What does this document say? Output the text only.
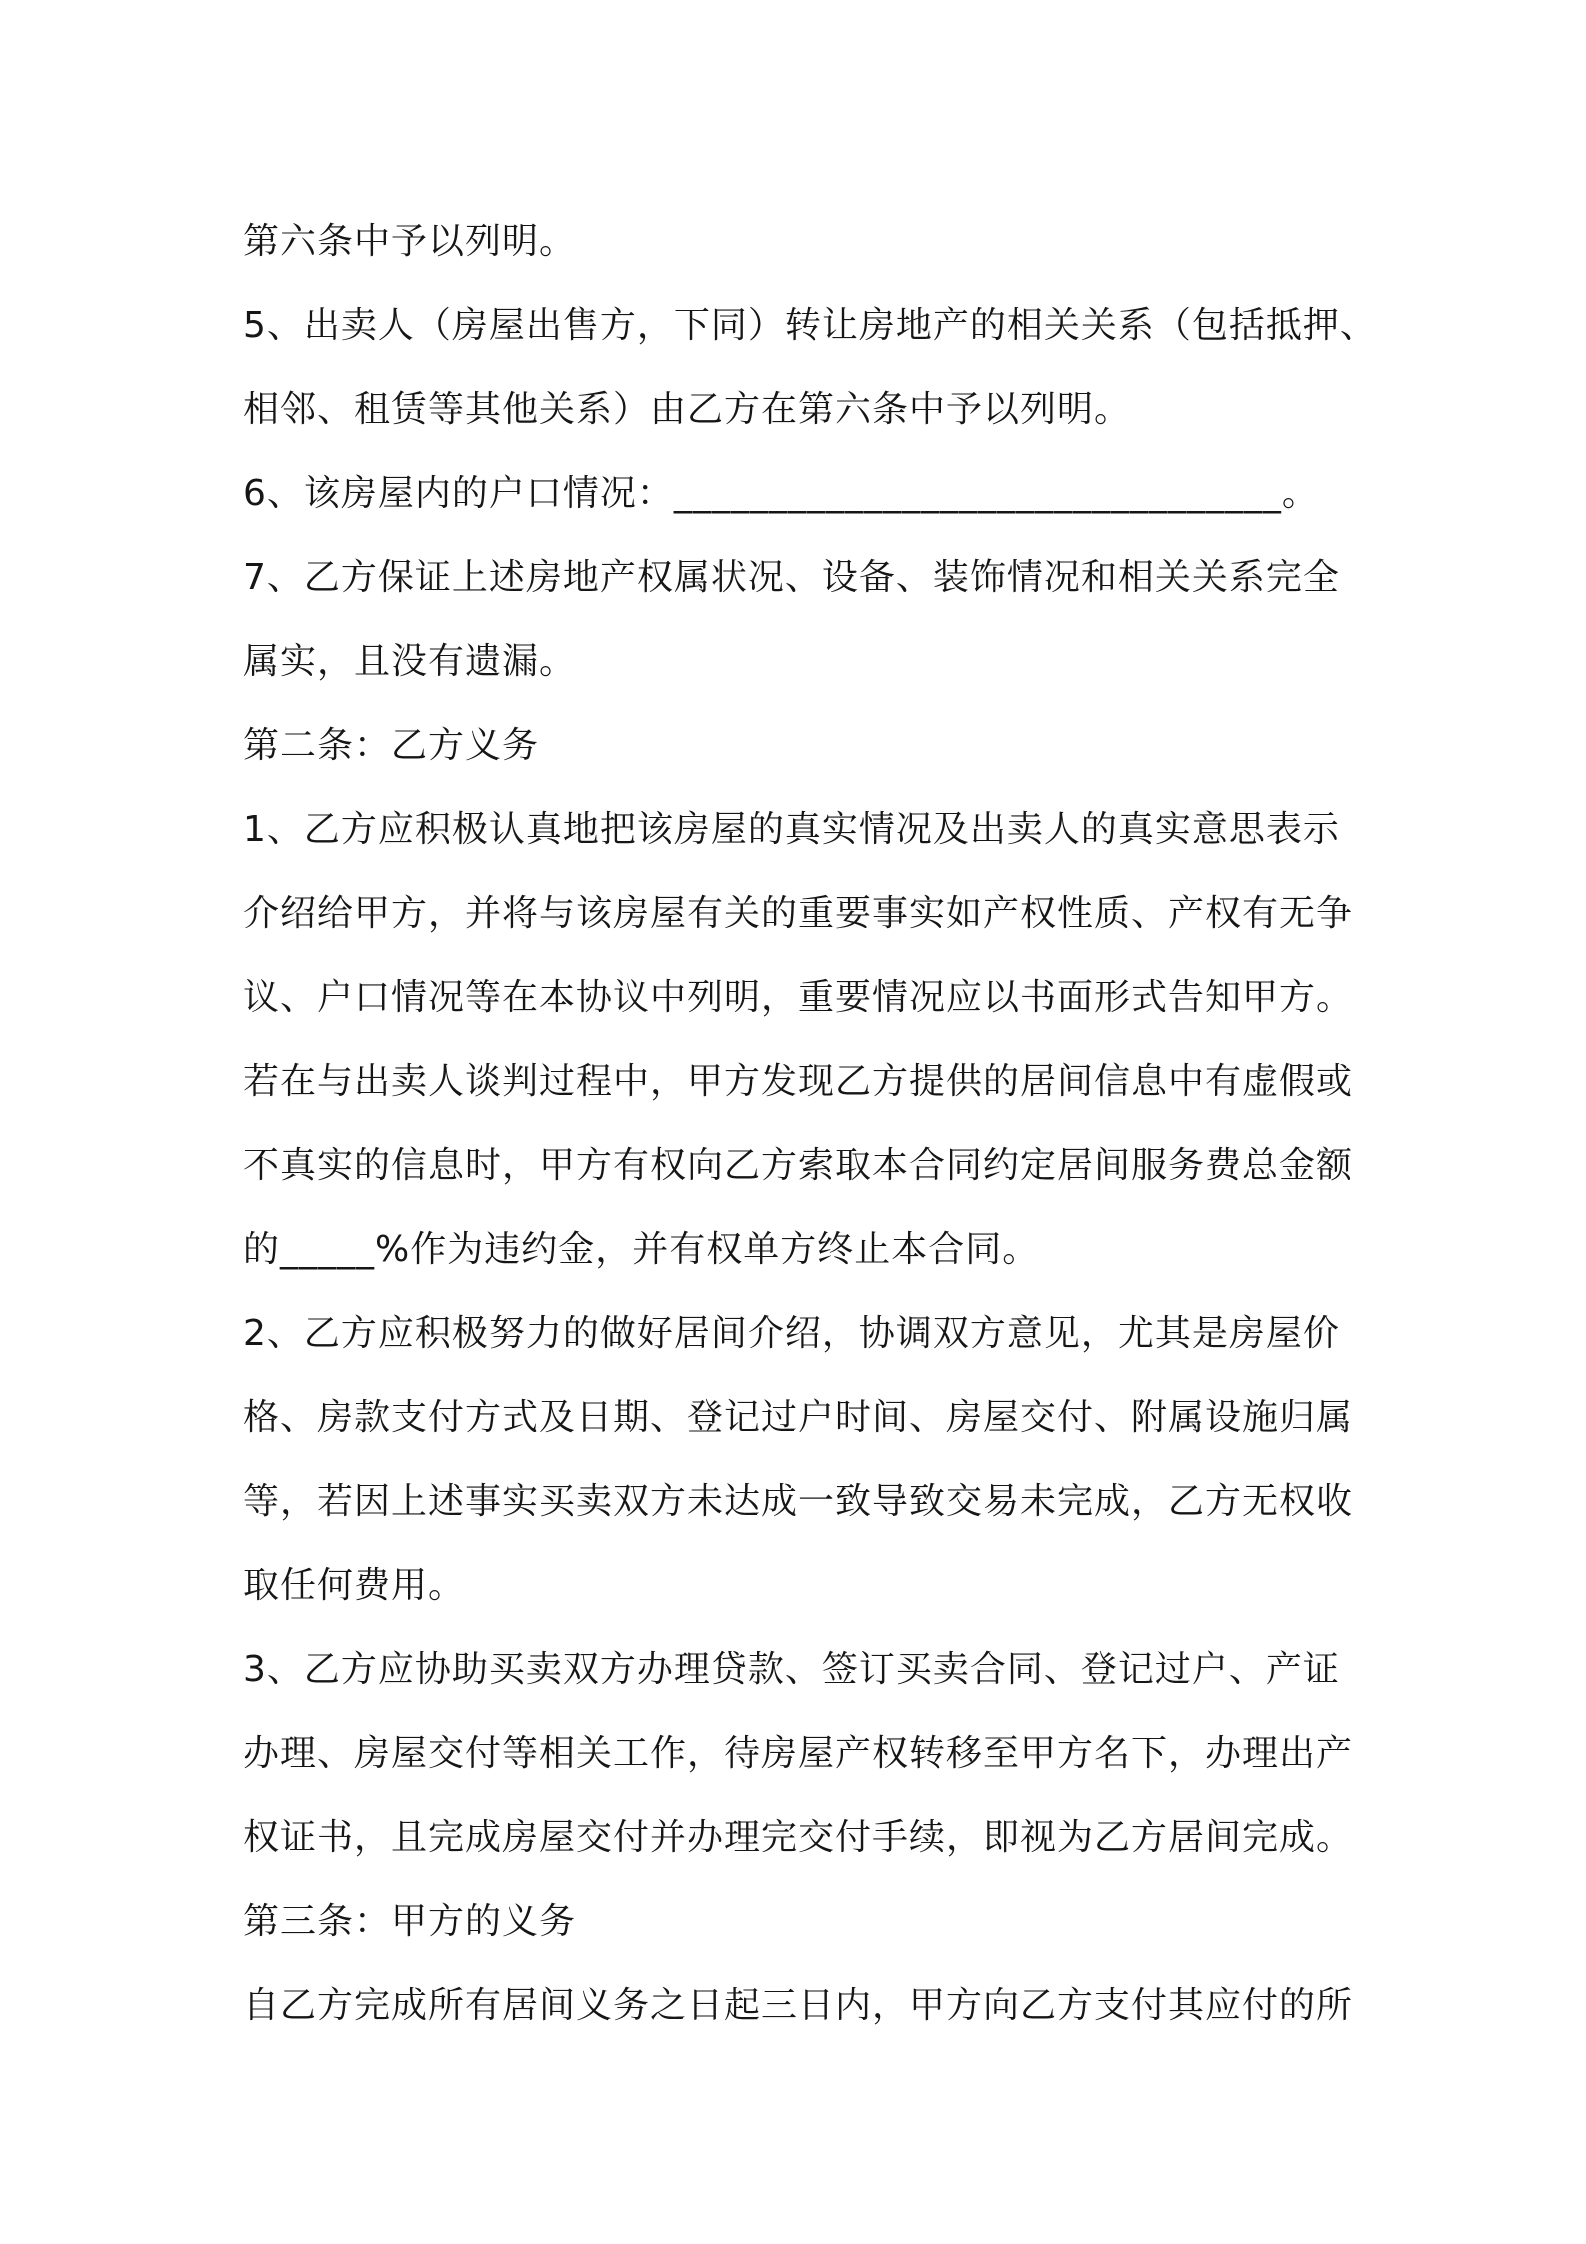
第六条中予以列明。
5、出卖人（房屋出售方，下同）转让房地产的相关关系（包括抵押、
相邻、租赁等其他关系）由乙方在第六条中予以列明。
6、该房屋内的户口情况：________________________________。
7、乙方保证上述房地产权属状况、设备、装饰情况和相关关系完全
属实，且没有遗漏。
第二条：乙方义务
1、乙方应积极认真地把该房屋的真实情况及出卖人的真实意思表示
介绍给甲方，并将与该房屋有关的重要事实如产权性质、产权有无争
议、户口情况等在本协议中列明，重要情况应以书面形式告知甲方。
若在与出卖人谈判过程中，甲方发现乙方提供的居间信息中有虚假或
不真实的信息时，甲方有权向乙方索取本合同约定居间服务费总金额
的_____%作为违约金，并有权单方终止本合同。
2、乙方应积极努力的做好居间介绍，协调双方意见，尤其是房屋价
格、房款支付方式及日期、登记过户时间、房屋交付、附属设施归属
等，若因上述事实买卖双方未达成一致导致交易未完成，乙方无权收
取任何费用。
3、乙方应协助买卖双方办理贷款、签订买卖合同、登记过户、产证
办理、房屋交付等相关工作，待房屋产权转移至甲方名下，办理出产
权证书，且完成房屋交付并办理完交付手续，即视为乙方居间完成。
第三条：甲方的义务
自乙方完成所有居间义务之日起三日内，甲方向乙方支付其应付的所
